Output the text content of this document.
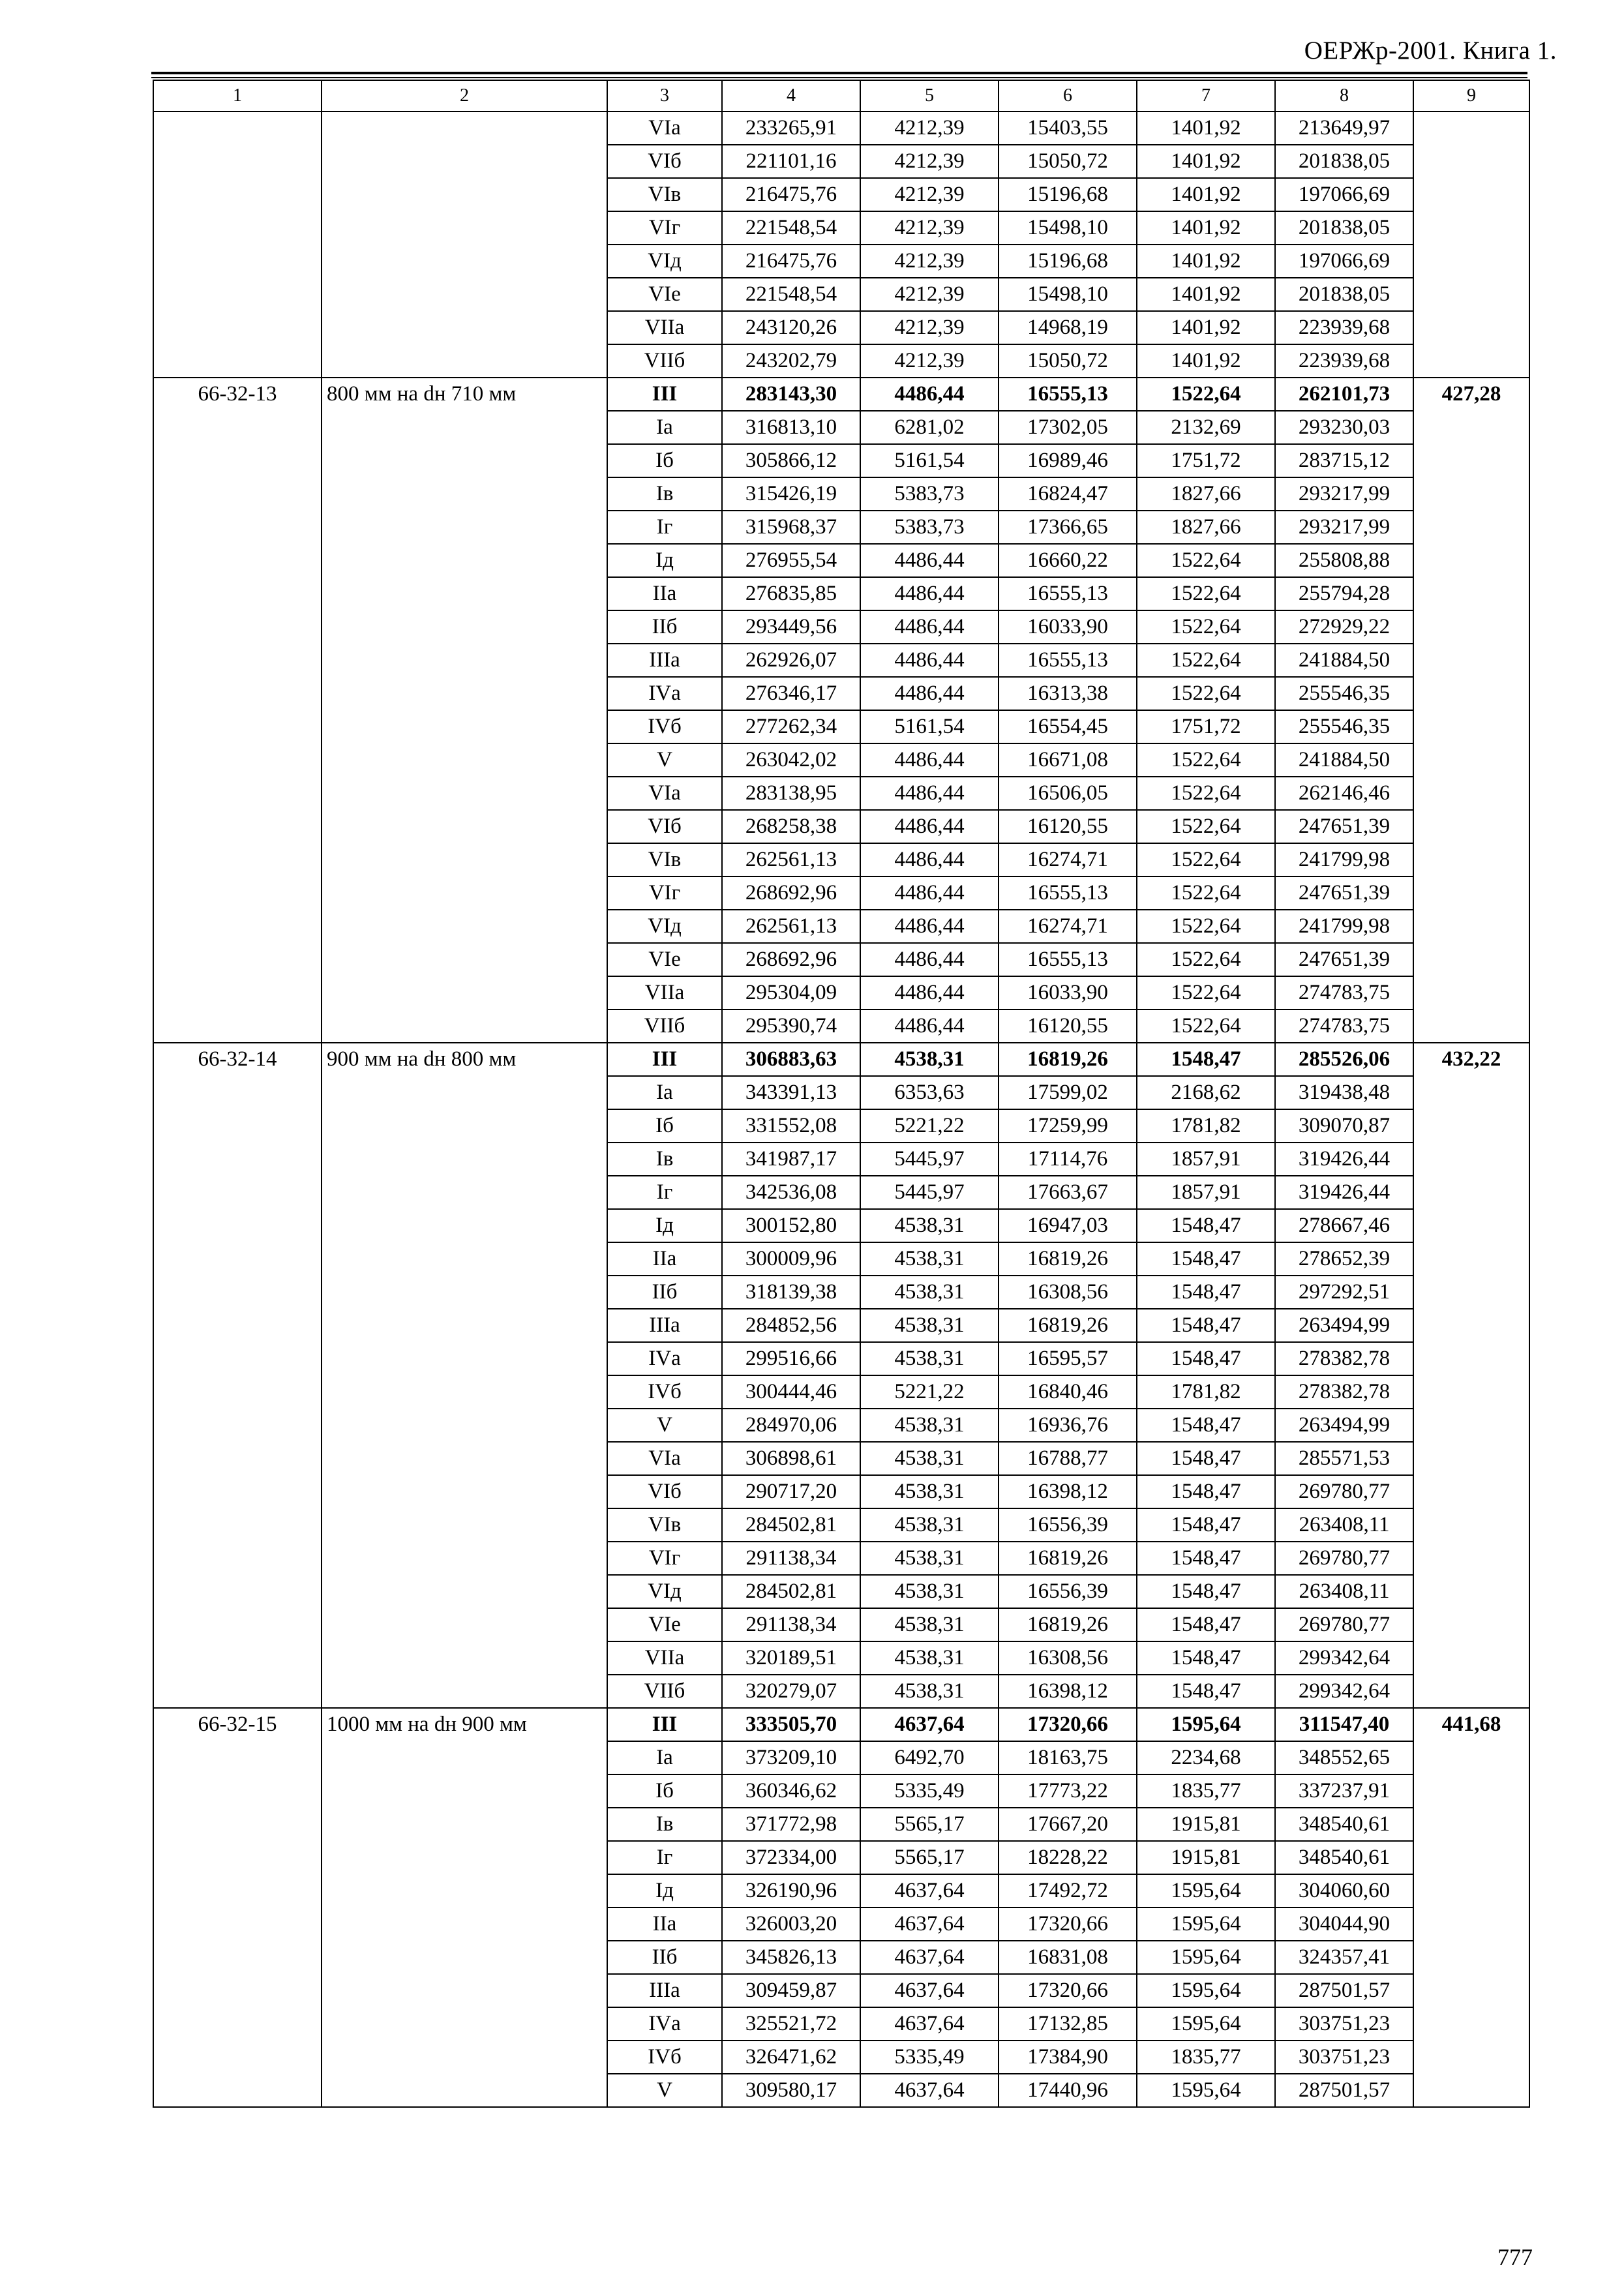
ОЕРЖр-2001. Книга 1.
1	2	3	4	5	6	7	8	9
		VIа	233265,91	4212,39	15403,55	1401,92	213649,97	
		VIб	221101,16	4212,39	15050,72	1401,92	201838,05	
		VIв	216475,76	4212,39	15196,68	1401,92	197066,69	
		VIг	221548,54	4212,39	15498,10	1401,92	201838,05	
		VIд	216475,76	4212,39	15196,68	1401,92	197066,69	
		VIе	221548,54	4212,39	15498,10	1401,92	201838,05	
		VIIа	243120,26	4212,39	14968,19	1401,92	223939,68	
		VIIб	243202,79	4212,39	15050,72	1401,92	223939,68	
66-32-13	800 мм на dн 710 мм	III	283143,30	4486,44	16555,13	1522,64	262101,73	427,28
		Iа	316813,10	6281,02	17302,05	2132,69	293230,03	
		Iб	305866,12	5161,54	16989,46	1751,72	283715,12	
		Iв	315426,19	5383,73	16824,47	1827,66	293217,99	
		Iг	315968,37	5383,73	17366,65	1827,66	293217,99	
		Iд	276955,54	4486,44	16660,22	1522,64	255808,88	
		IIа	276835,85	4486,44	16555,13	1522,64	255794,28	
		IIб	293449,56	4486,44	16033,90	1522,64	272929,22	
		IIIа	262926,07	4486,44	16555,13	1522,64	241884,50	
		IVа	276346,17	4486,44	16313,38	1522,64	255546,35	
		IVб	277262,34	5161,54	16554,45	1751,72	255546,35	
		V	263042,02	4486,44	16671,08	1522,64	241884,50	
		VIа	283138,95	4486,44	16506,05	1522,64	262146,46	
		VIб	268258,38	4486,44	16120,55	1522,64	247651,39	
		VIв	262561,13	4486,44	16274,71	1522,64	241799,98	
		VIг	268692,96	4486,44	16555,13	1522,64	247651,39	
		VIд	262561,13	4486,44	16274,71	1522,64	241799,98	
		VIе	268692,96	4486,44	16555,13	1522,64	247651,39	
		VIIа	295304,09	4486,44	16033,90	1522,64	274783,75	
		VIIб	295390,74	4486,44	16120,55	1522,64	274783,75	
66-32-14	900 мм на dн 800 мм	III	306883,63	4538,31	16819,26	1548,47	285526,06	432,22
		Iа	343391,13	6353,63	17599,02	2168,62	319438,48	
		Iб	331552,08	5221,22	17259,99	1781,82	309070,87	
		Iв	341987,17	5445,97	17114,76	1857,91	319426,44	
		Iг	342536,08	5445,97	17663,67	1857,91	319426,44	
		Iд	300152,80	4538,31	16947,03	1548,47	278667,46	
		IIа	300009,96	4538,31	16819,26	1548,47	278652,39	
		IIб	318139,38	4538,31	16308,56	1548,47	297292,51	
		IIIа	284852,56	4538,31	16819,26	1548,47	263494,99	
		IVа	299516,66	4538,31	16595,57	1548,47	278382,78	
		IVб	300444,46	5221,22	16840,46	1781,82	278382,78	
		V	284970,06	4538,31	16936,76	1548,47	263494,99	
		VIа	306898,61	4538,31	16788,77	1548,47	285571,53	
		VIб	290717,20	4538,31	16398,12	1548,47	269780,77	
		VIв	284502,81	4538,31	16556,39	1548,47	263408,11	
		VIг	291138,34	4538,31	16819,26	1548,47	269780,77	
		VIд	284502,81	4538,31	16556,39	1548,47	263408,11	
		VIе	291138,34	4538,31	16819,26	1548,47	269780,77	
		VIIа	320189,51	4538,31	16308,56	1548,47	299342,64	
		VIIб	320279,07	4538,31	16398,12	1548,47	299342,64	
66-32-15	1000 мм на dн 900 мм	III	333505,70	4637,64	17320,66	1595,64	311547,40	441,68
		Iа	373209,10	6492,70	18163,75	2234,68	348552,65	
		Iб	360346,62	5335,49	17773,22	1835,77	337237,91	
		Iв	371772,98	5565,17	17667,20	1915,81	348540,61	
		Iг	372334,00	5565,17	18228,22	1915,81	348540,61	
		Iд	326190,96	4637,64	17492,72	1595,64	304060,60	
		IIа	326003,20	4637,64	17320,66	1595,64	304044,90	
		IIб	345826,13	4637,64	16831,08	1595,64	324357,41	
		IIIа	309459,87	4637,64	17320,66	1595,64	287501,57	
		IVа	325521,72	4637,64	17132,85	1595,64	303751,23	
		IVб	326471,62	5335,49	17384,90	1835,77	303751,23	
		V	309580,17	4637,64	17440,96	1595,64	287501,57	
777
